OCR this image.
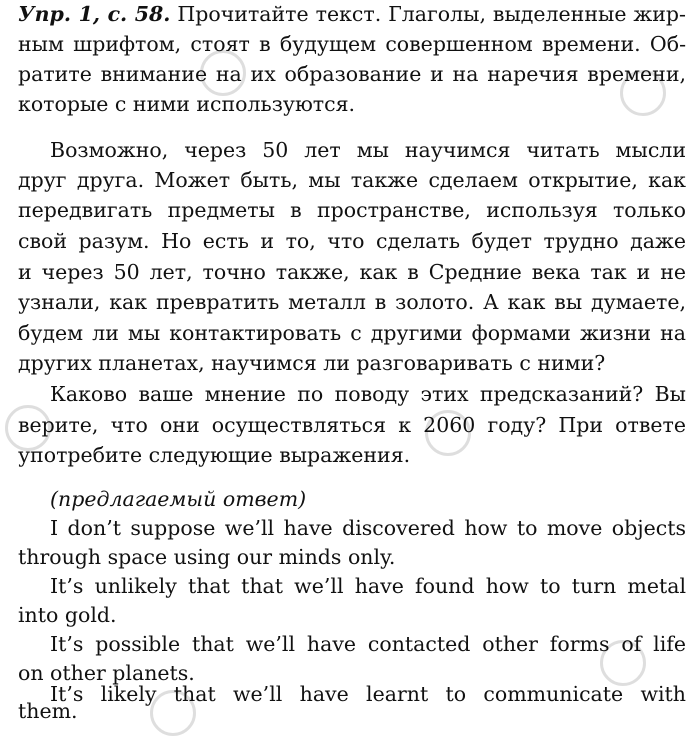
Упр. 1, с. 58. Прочитайте текст. Глаголы, выделенные жир-
ным шрифтом, стоят в будущем совершенном времени. Об-
ратите внимание на их образование и на наречия времени,
которые с ними используются.
Возможно, через 50 лет мы научимся читать мысли
друг друга. Может быть, мы также сделаем открытие, как
передвигать предметы в пространстве, используя только
свой разум. Но есть и то, что сделать будет трудно даже
и через 50 лет, точно также, как в Средние века так и не
узнали, как превратить металл в золото. А как вы думаете,
будем ли мы контактировать с другими формами жизни на
других планетах, научимся ли разговаривать с ними?
Каково ваше мнение по поводу этих предсказаний? Вы
верите, что они осуществляться к 2060 году? При ответе
употребите следующие выражения.
(предлагаемый ответ)
I don’t suppose we’ll have discovered how to move objects
through space using our minds only.
It’s unlikely that that we’ll have found how to turn metal
into gold.
It’s possible that we’ll have contacted other forms of life
on other planets.
It’s likely that we’ll have learnt to communicate with
them.
